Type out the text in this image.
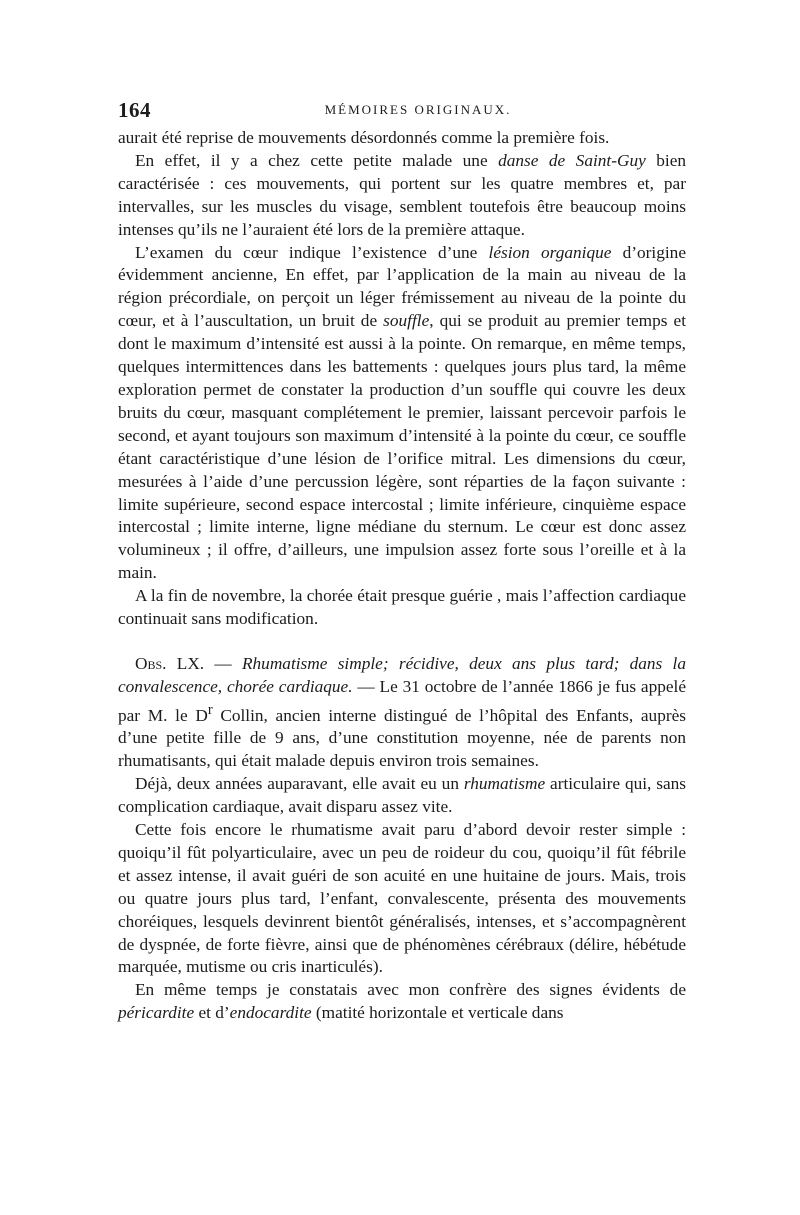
164	MÉMOIRES ORIGINAUX.

aurait été reprise de mouvements désordonnés comme la première fois.

En effet, il y a chez cette petite malade une danse de Saint-Guy bien caractérisée : ces mouvements, qui portent sur les quatre membres et, par intervalles, sur les muscles du visage, semblent toutefois être beaucoup moins intenses qu’ils ne l’auraient été lors de la première attaque.

L’examen du cœur indique l’existence d’une lésion organique d’origine évidemment ancienne, En effet, par l’application de la main au niveau de la région précordiale, on perçoit un léger frémissement au niveau de la pointe du cœur, et à l’auscultation, un bruit de souffle, qui se produit au premier temps et dont le maximum d’intensité est aussi à la pointe. On remarque, en même temps, quelques intermittences dans les battements : quelques jours plus tard, la même exploration permet de constater la production d’un souffle qui couvre les deux bruits du cœur, masquant complétement le premier, laissant percevoir parfois le second, et ayant toujours son maximum d’intensité à la pointe du cœur, ce souffle étant caractéristique d’une lésion de l’orifice mitral. Les dimensions du cœur, mesurées à l’aide d’une percussion légère, sont réparties de la façon suivante : limite supérieure, second espace intercostal ; limite inférieure, cinquième espace intercostal ; limite interne, ligne médiane du sternum. Le cœur est donc assez volumineux ; il offre, d’ailleurs, une impulsion assez forte sous l’oreille et à la main.

A la fin de novembre, la chorée était presque guérie , mais l’affection cardiaque continuait sans modification.

Obs. LX. — Rhumatisme simple; récidive, deux ans plus tard; dans la convalescence, chorée cardiaque. — Le 31 octobre de l’année 1866 je fus appelé par M. le $D^r$ Collin, ancien interne distingué de l’hôpital des Enfants, auprès d’une petite fille de 9 ans, d’une constitution moyenne, née de parents non rhumatisants, qui était malade depuis environ trois semaines.

Déjà, deux années auparavant, elle avait eu un rhumatisme articulaire qui, sans complication cardiaque, avait disparu assez vite.

Cette fois encore le rhumatisme avait paru d’abord devoir rester simple : quoiqu’il fût polyarticulaire, avec un peu de roideur du cou, quoiqu’il fût fébrile et assez intense, il avait guéri de son acuité en une huitaine de jours. Mais, trois ou quatre jours plus tard, l’enfant, convalescente, présenta des mouvements choréiques, lesquels devinrent bientôt généralisés, intenses, et s’accompagnèrent de dyspnée, de forte fièvre, ainsi que de phénomènes cérébraux (délire, hébétude marquée, mutisme ou cris inarticulés).

En même temps je constatais avec mon confrère des signes évidents de péricardite et d’endocardite (matité horizontale et verticale dans
